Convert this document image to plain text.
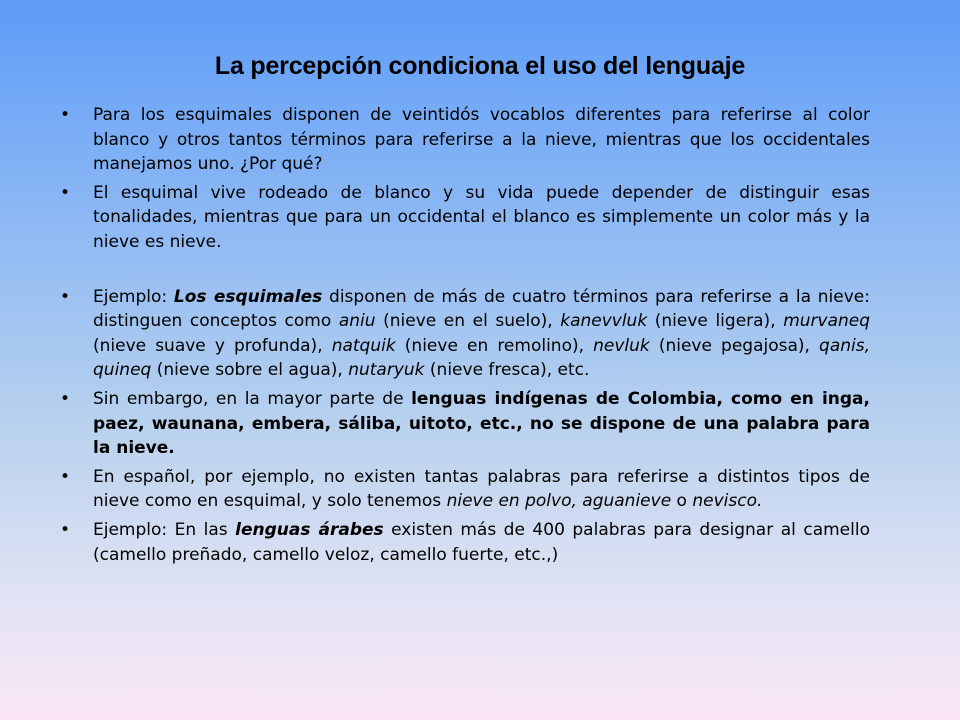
La percepción condiciona el uso del lenguaje
• Para los esquimales disponen de veintidós vocablos diferentes para referirse al color blanco y otros tantos términos para referirse a la nieve, mientras que los occidentales manejamos uno. ¿Por qué?
• El esquimal vive rodeado de blanco y su vida puede depender de distinguir esas tonalidades, mientras que para un occidental el blanco es simplemente un color más y la nieve es nieve.
• Ejemplo: Los esquimales disponen de más de cuatro términos para referirse a la nieve: distinguen conceptos como aniu (nieve en el suelo), kanevvluk (nieve ligera), murvaneq (nieve suave y profunda), natquik (nieve en remolino), nevluk (nieve pegajosa), qanis, quineq (nieve sobre el agua), nutaryuk (nieve fresca), etc.
• Sin embargo, en la mayor parte de lenguas indígenas de Colombia, como en inga, paez, waunana, embera, sáliba, uitoto, etc., no se dispone de una palabra para la nieve.
• En español, por ejemplo, no existen tantas palabras para referirse a distintos tipos de nieve como en esquimal, y solo tenemos nieve en polvo, aguanieve o nevisco.
• Ejemplo: En las lenguas árabes existen más de 400 palabras para designar al camello (camello preñado, camello veloz, camello fuerte, etc.,)
